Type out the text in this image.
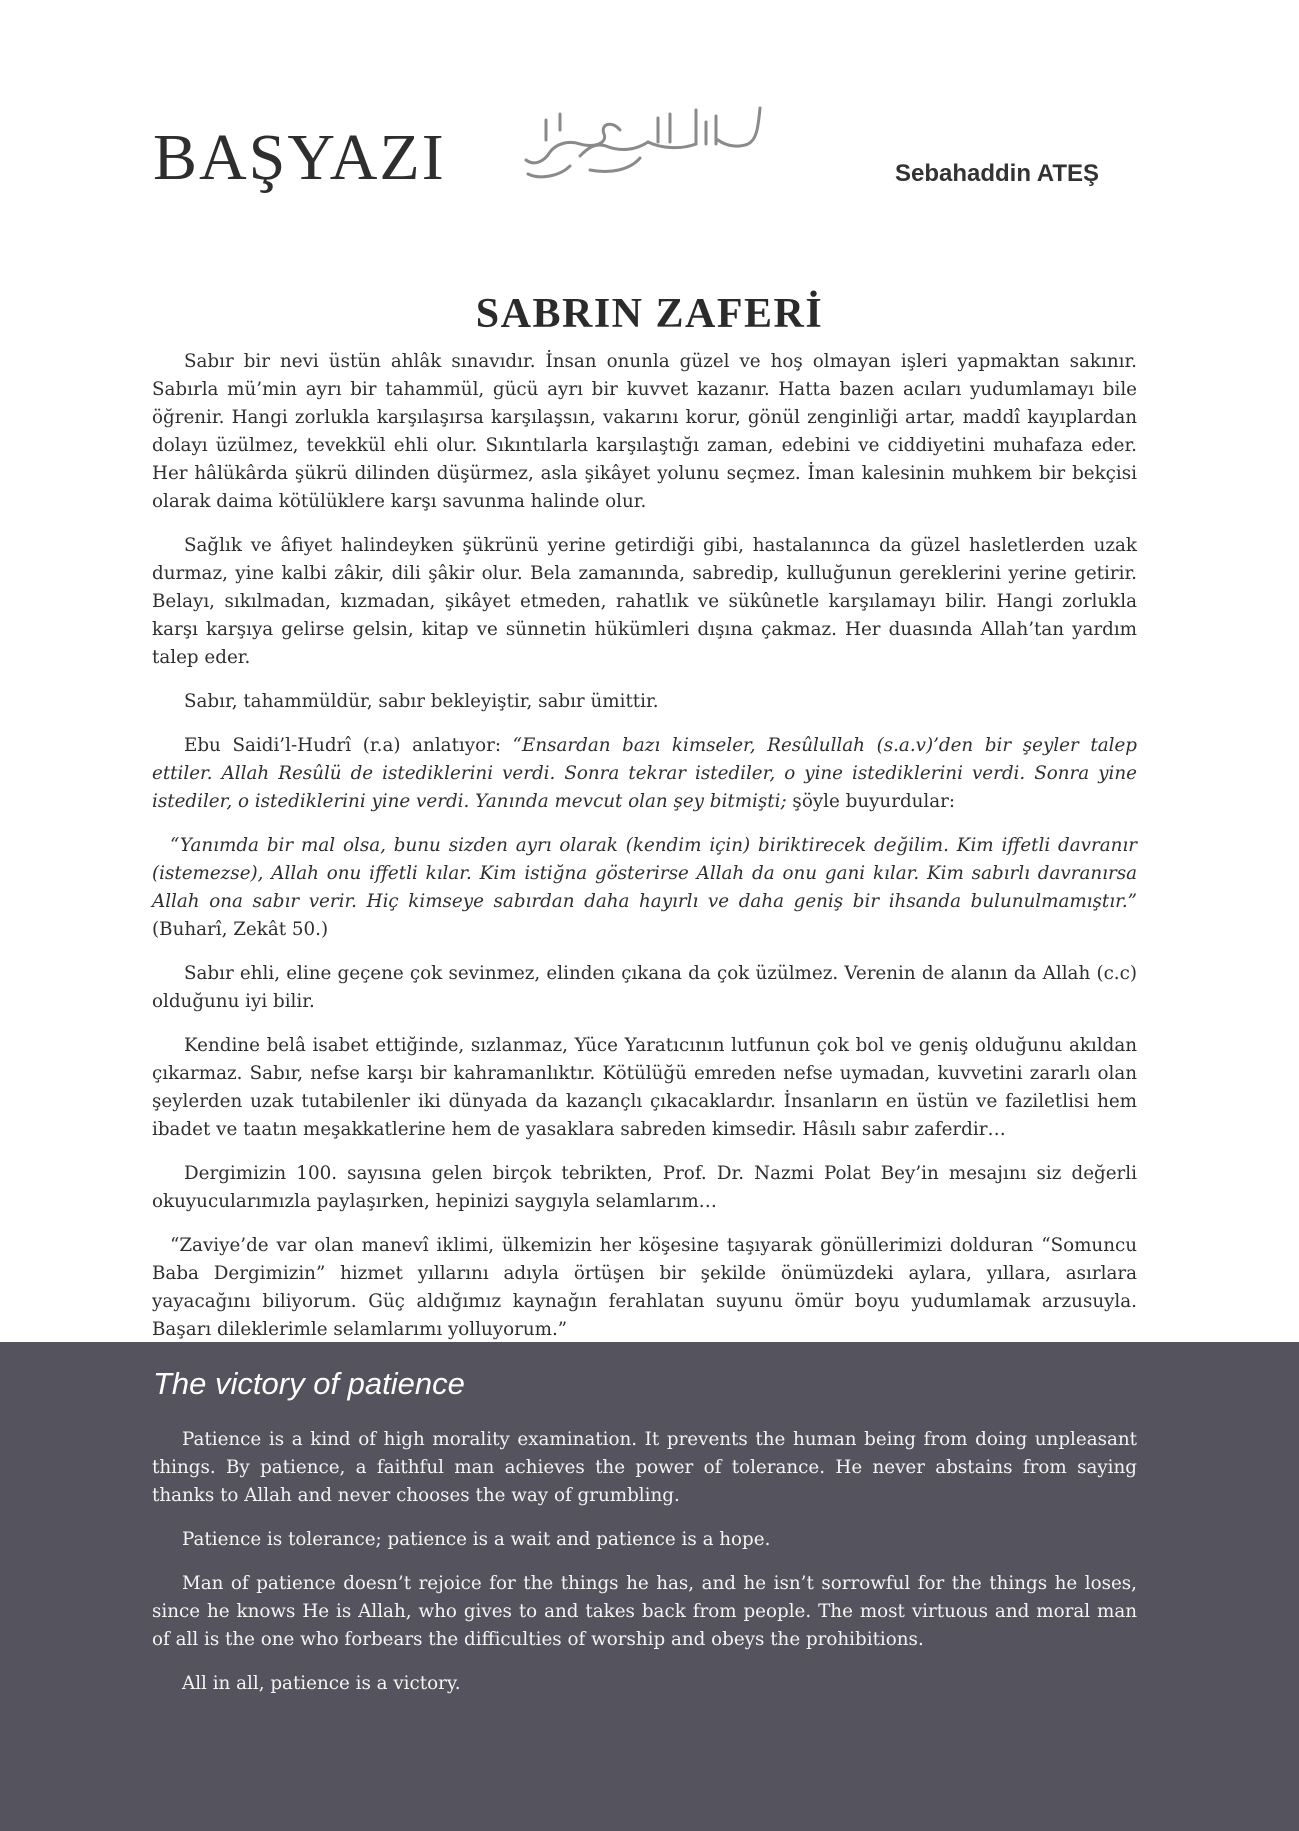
BAŞYAZI	Sebahaddin ATEŞ
SABRIN ZAFERİ

Sabır bir nevi üstün ahlâk sınavıdır. İnsan onunla güzel ve hoş olmayan işleri yapmaktan sakınır. Sabırla mü’min ayrı bir tahammül, gücü ayrı bir kuvvet kazanır. Hatta bazen acıları yudumlamayı bile öğrenir. Hangi zorlukla karşılaşırsa karşılaşsın, vakarını korur, gönül zenginliği artar, maddî kayıplardan dolayı üzülmez, tevekkül ehli olur. Sıkıntılarla karşılaştığı zaman, edebini ve ciddiyetini muhafaza eder. Her hâlükârda şükrü dilinden düşürmez, asla şikâyet yolunu seçmez. İman kalesinin muhkem bir bekçisi olarak daima kötülüklere karşı savunma halinde olur.

Sağlık ve âfiyet halindeyken şükrünü yerine getirdiği gibi, hastalanınca da güzel hasletlerden uzak durmaz, yine kalbi zâkir, dili şâkir olur. Bela zamanında, sabredip, kulluğunun gereklerini yerine getirir. Belayı, sıkılmadan, kızmadan, şikâyet etmeden, rahatlık ve sükûnetle karşılamayı bilir. Hangi zorlukla karşı karşıya gelirse gelsin, kitap ve sünnetin hükümleri dışına çakmaz. Her duasında Allah’tan yardım talep eder.

Sabır, tahammüldür, sabır bekleyiştir, sabır ümittir.

Ebu Saidi’l-Hudrî (r.a) anlatıyor: “Ensardan bazı kimseler, Resûlullah (s.a.v)’den bir şeyler talep ettiler. Allah Resûlü de istediklerini verdi. Sonra tekrar istediler, o yine istediklerini verdi. Sonra yine istediler, o istediklerini yine verdi. Yanında mevcut olan şey bitmişti; şöyle buyurdular:

“Yanımda bir mal olsa, bunu sizden ayrı olarak (kendim için) biriktirecek değilim. Kim iffetli davranır (istemezse), Allah onu iffetli kılar. Kim istiğna gösterirse Allah da onu gani kılar. Kim sabırlı davranırsa Allah ona sabır verir. Hiç kimseye sabırdan daha hayırlı ve daha geniş bir ihsanda bulunulmamıştır.” (Buharî, Zekât 50.)

Sabır ehli, eline geçene çok sevinmez, elinden çıkana da çok üzülmez. Verenin de alanın da Allah (c.c) olduğunu iyi bilir.

Kendine belâ isabet ettiğinde, sızlanmaz, Yüce Yaratıcının lutfunun çok bol ve geniş olduğunu akıldan çıkarmaz. Sabır, nefse karşı bir kahramanlıktır. Kötülüğü emreden nefse uymadan, kuvvetini zararlı olan şeylerden uzak tutabilenler iki dünyada da kazançlı çıkacaklardır. İnsanların en üstün ve faziletlisi hem ibadet ve taatın meşakkatlerine hem de yasaklara sabreden kimsedir. Hâsılı sabır zaferdir…

Dergimizin 100. sayısına gelen birçok tebrikten, Prof. Dr. Nazmi Polat Bey’in mesajını siz değerli okuyucularımızla paylaşırken, hepinizi saygıyla selamlarım…

“Zaviye’de var olan manevî iklimi, ülkemizin her köşesine taşıyarak gönüllerimizi dolduran “Somuncu Baba Dergimizin” hizmet yıllarını adıyla örtüşen bir şekilde önümüzdeki aylara, yıllara, asırlara yayacağını biliyorum. Güç aldığımız kaynağın ferahlatan suyunu ömür boyu yudumlamak arzusuyla. Başarı dileklerimle selamlarımı yolluyorum.”

The victory of patience

Patience is a kind of high morality examination. It prevents the human being from doing unpleasant things. By patience, a faithful man achieves the power of tolerance. He never abstains from saying thanks to Allah and never chooses the way of grumbling.

Patience is tolerance; patience is a wait and patience is a hope.

Man of patience doesn’t rejoice for the things he has, and he isn’t sorrowful for the things he loses, since he knows He is Allah, who gives to and takes back from people. The most virtuous and moral man of all is the one who forbears the difficulties of worship and obeys the prohibitions.

All in all, patience is a victory.
